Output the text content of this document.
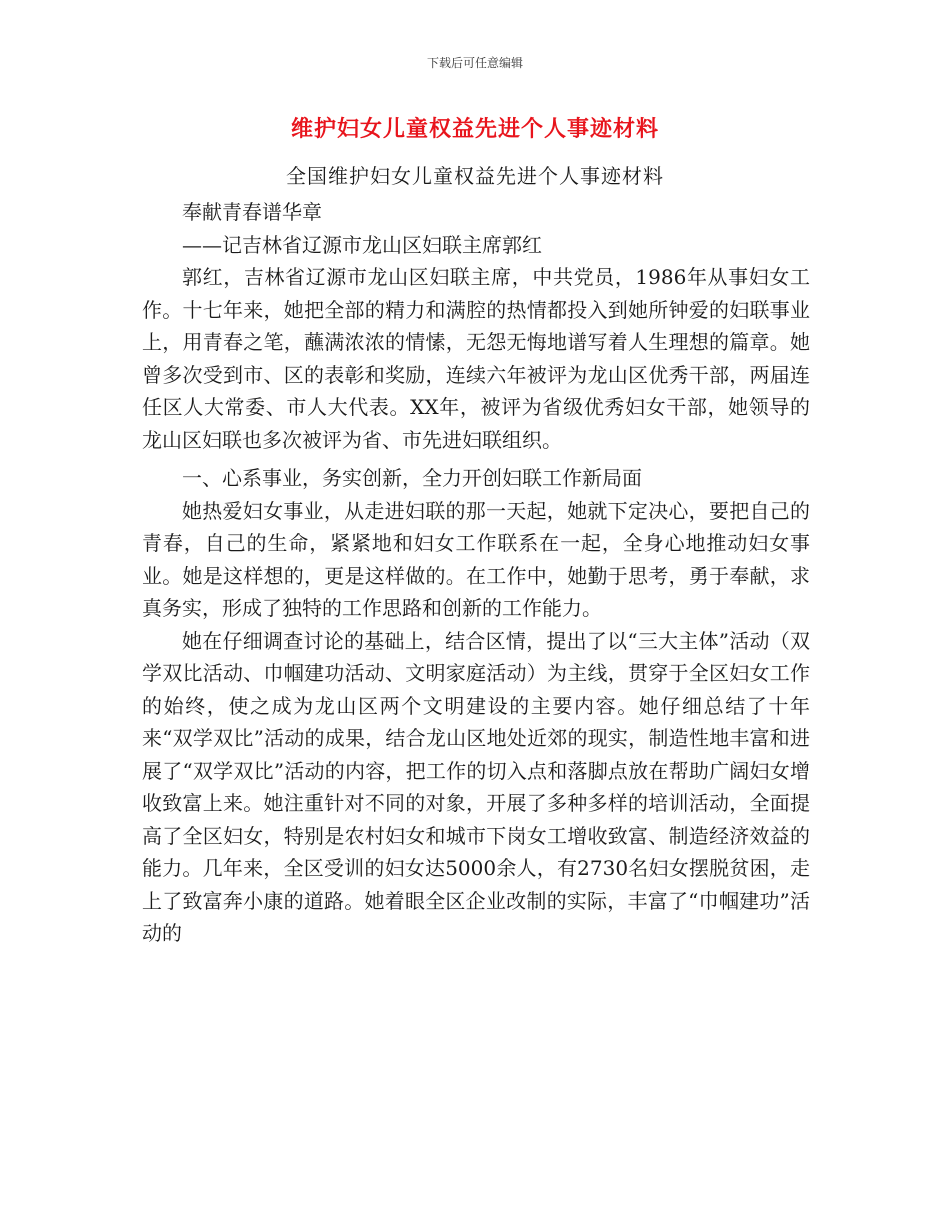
下载后可任意编辑
维护妇女儿童权益先进个人事迹材料
全国维护妇女儿童权益先进个人事迹材料

奉献青春谱华章

——记吉林省辽源市龙山区妇联主席郭红

郭红，吉林省辽源市龙山区妇联主席，中共党员，1986年从事妇女工作。十七年来，她把全部的精力和满腔的热情都投入到她所钟爱的妇联事业上，用青春之笔，蘸满浓浓的情愫，无怨无悔地谱写着人生理想的篇章。她曾多次受到市、区的表彰和奖励，连续六年被评为龙山区优秀干部，两届连任区人大常委、市人大代表。XX年，被评为省级优秀妇女干部，她领导的龙山区妇联也多次被评为省、市先进妇联组织。

一、心系事业，务实创新，全力开创妇联工作新局面

她热爱妇女事业，从走进妇联的那一天起，她就下定决心，要把自己的青春，自己的生命，紧紧地和妇女工作联系在一起，全身心地推动妇女事业。她是这样想的，更是这样做的。在工作中，她勤于思考，勇于奉献，求真务实，形成了独特的工作思路和创新的工作能力。

她在仔细调查讨论的基础上，结合区情，提出了以“三大主体”活动（双学双比活动、巾帼建功活动、文明家庭活动）为主线，贯穿于全区妇女工作的始终，使之成为龙山区两个文明建设的主要内容。她仔细总结了十年来“双学双比”活动的成果，结合龙山区地处近郊的现实，制造性地丰富和进展了“双学双比”活动的内容，把工作的切入点和落脚点放在帮助广阔妇女增收致富上来。她注重针对不同的对象，开展了多种多样的培训活动，全面提高了全区妇女，特别是农村妇女和城市下岗女工增收致富、制造经济效益的能力。几年来，全区受训的妇女达5000余人，有2730名妇女摆脱贫困，走上了致富奔小康的道路。她着眼全区企业改制的实际，丰富了“巾帼建功”活动的
